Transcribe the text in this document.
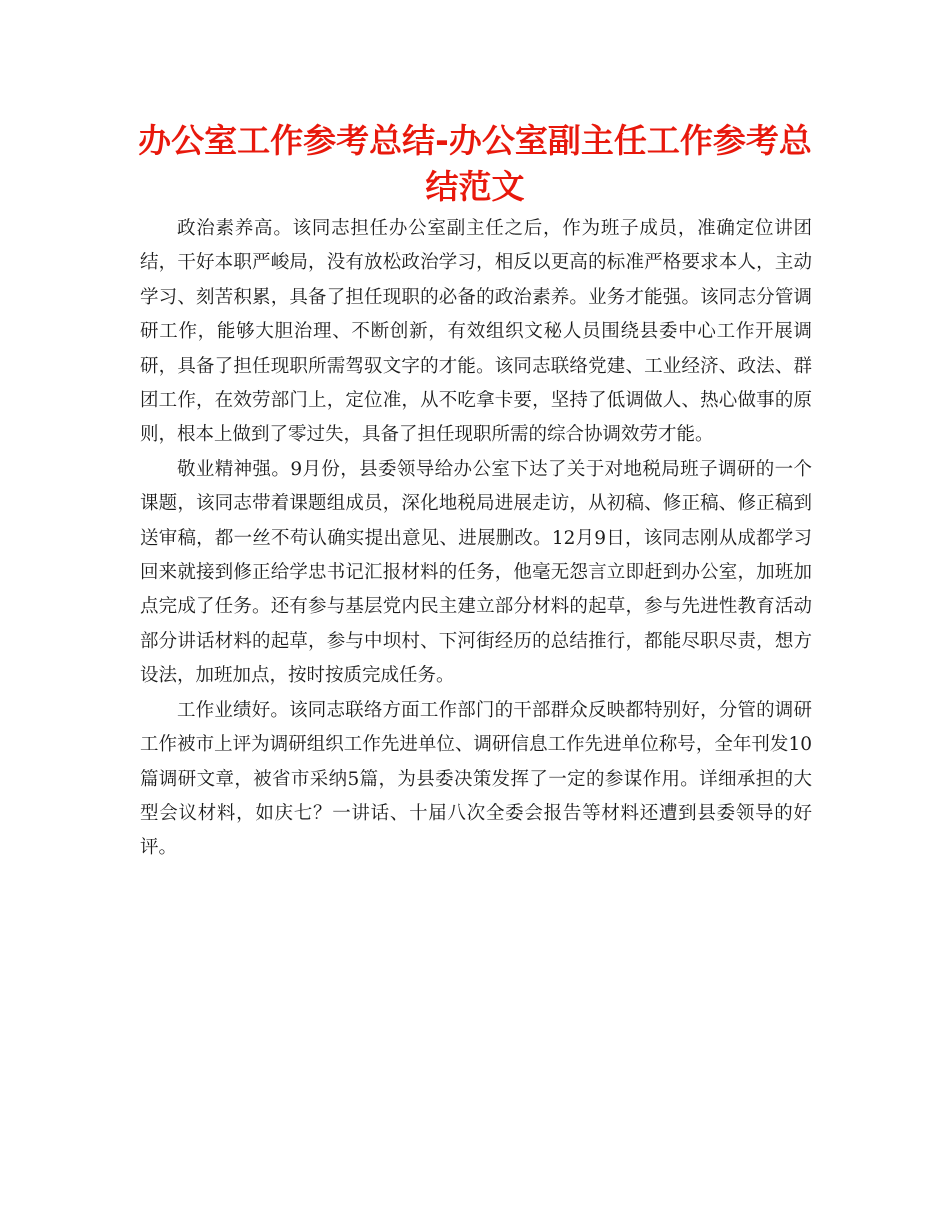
办公室工作参考总结-办公室副主任工作参考总结范文

政治素养高。该同志担任办公室副主任之后，作为班子成员，准确定位讲团结，干好本职严峻局，没有放松政治学习，相反以更高的标准严格要求本人，主动学习、刻苦积累，具备了担任现职的必备的政治素养。业务才能强。该同志分管调研工作，能够大胆治理、不断创新，有效组织文秘人员围绕县委中心工作开展调研，具备了担任现职所需驾驭文字的才能。该同志联络党建、工业经济、政法、群团工作，在效劳部门上，定位准，从不吃拿卡要，坚持了低调做人、热心做事的原则，根本上做到了零过失，具备了担任现职所需的综合协调效劳才能。

敬业精神强。9月份，县委领导给办公室下达了关于对地税局班子调研的一个课题，该同志带着课题组成员，深化地税局进展走访，从初稿、修正稿、修正稿到送审稿，都一丝不苟认确实提出意见、进展删改。12月9日，该同志刚从成都学习回来就接到修正给学忠书记汇报材料的任务，他毫无怨言立即赶到办公室，加班加点完成了任务。还有参与基层党内民主建立部分材料的起草，参与先进性教育活动部分讲话材料的起草，参与中坝村、下河街经历的总结推行，都能尽职尽责，想方设法，加班加点，按时按质完成任务。

工作业绩好。该同志联络方面工作部门的干部群众反映都特别好，分管的调研工作被市上评为调研组织工作先进单位、调研信息工作先进单位称号，全年刊发10篇调研文章，被省市采纳5篇，为县委决策发挥了一定的参谋作用。详细承担的大型会议材料，如庆七？一讲话、十届八次全委会报告等材料还遭到县委领导的好评。
